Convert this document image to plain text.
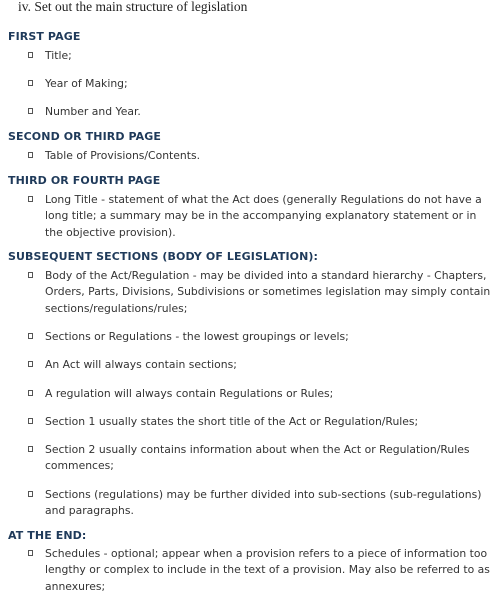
iv. Set out the main structure of legislation
FIRST PAGE
Title;
Year of Making;
Number and Year.
SECOND OR THIRD PAGE
Table of Provisions/Contents.
THIRD OR FOURTH PAGE
Long Title - statement of what the Act does (generally Regulations do not have a long title; a summary may be in the accompanying explanatory statement or in the objective provision).
SUBSEQUENT SECTIONS (BODY OF LEGISLATION):
Body of the Act/Regulation - may be divided into a standard hierarchy - Chapters, Orders, Parts, Divisions, Subdivisions or sometimes legislation may simply contain sections/regulations/rules;
Sections or Regulations - the lowest groupings or levels;
An Act will always contain sections;
A regulation will always contain Regulations or Rules;
Section 1 usually states the short title of the Act or Regulation/Rules;
Section 2 usually contains information about when the Act or Regulation/Rules commences;
Sections (regulations) may be further divided into sub-sections (sub-regulations) and paragraphs.
AT THE END:
Schedules - optional; appear when a provision refers to a piece of information too lengthy or complex to include in the text of a provision. May also be referred to as annexures;
